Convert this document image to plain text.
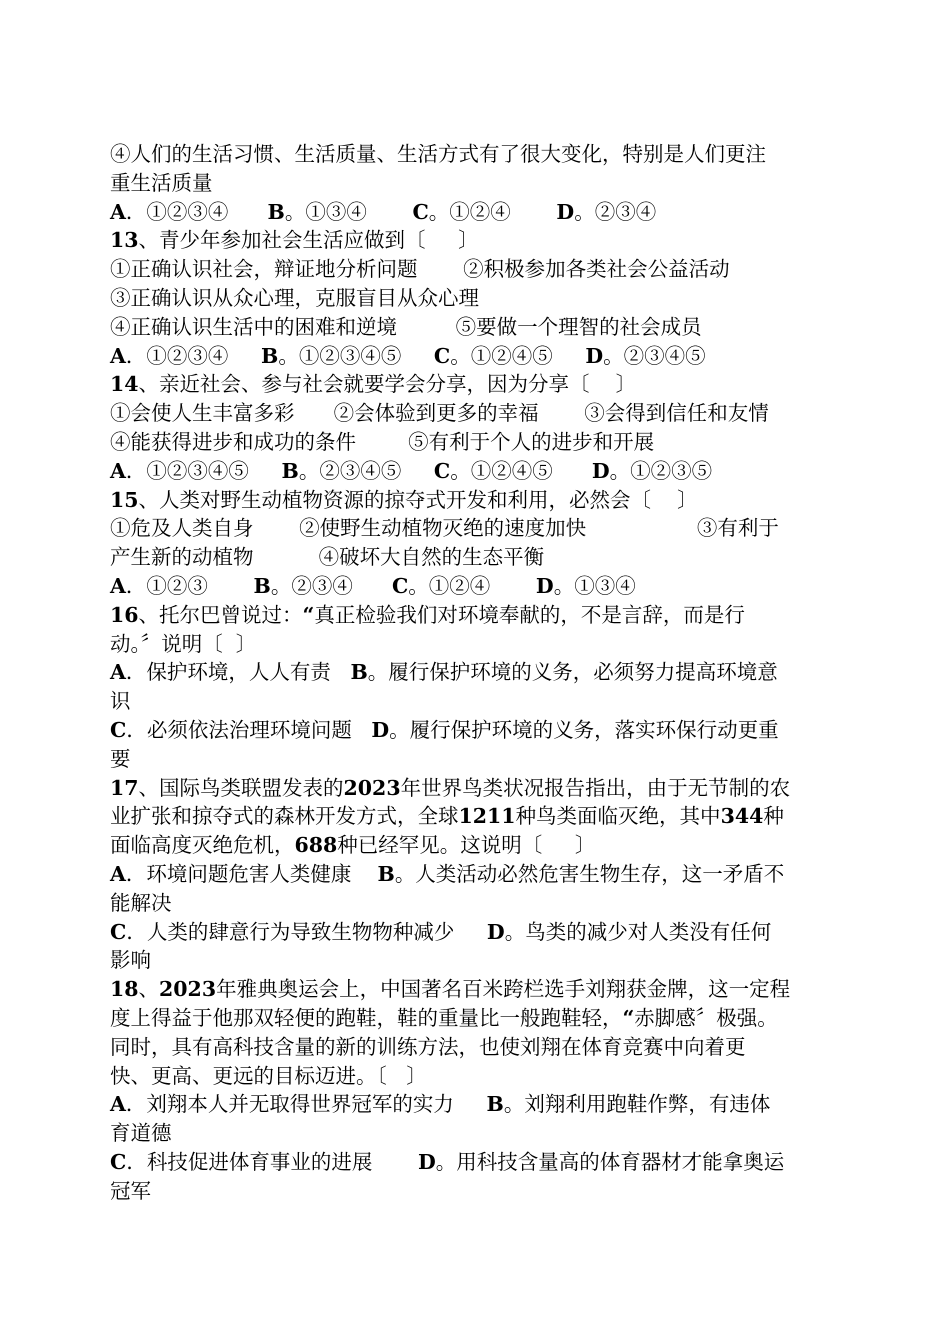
④人们的生活习惯、生活质量、生活方式有了很大变化，特别是人们更注
重生活质量
A．①②③④      B。①③④       C。①②④       D。②③④
13、青少年参加社会生活应做到〔     〕
①正确认识社会，辩证地分析问题       ②积极参加各类社会公益活动
③正确认识从众心理，克服盲目从众心理
④正确认识生活中的困难和逆境         ⑤要做一个理智的社会成员
A．①②③④     B。①②③④⑤     C。①②④⑤     D。②③④⑤
14、亲近社会、参与社会就要学会分享，因为分享〔    〕
①会使人生丰富多彩      ②会体验到更多的幸福       ③会得到信任和友情
④能获得进步和成功的条件        ⑤有利于个人的进步和开展
A．①②③④⑤     B。②③④⑤     C。①②④⑤      D。①②③⑤
15、人类对野生动植物资源的掠夺式开发和利用，必然会〔    〕
①危及人类自身       ②使野生动植物灭绝的速度加快                 ③有利于
产生新的动植物          ④破坏大自然的生态平衡
A．①②③       B。②③④      C。①②④       D。①③④
16、托尔巴曾说过：“真正检验我们对环境奉献的，不是言辞，而是行
动。〞说明〔  〕
A．保护环境，人人有责   B。履行保护环境的义务，必须努力提高环境意
识
C．必须依法治理环境问题   D。履行保护环境的义务，落实环保行动更重
要
17、国际鸟类联盟发表的2023年世界鸟类状况报告指出，由于无节制的农
业扩张和掠夺式的森林开发方式，全球1211种鸟类面临灭绝，其中344种
面临高度灭绝危机，688种已经罕见。这说明〔     〕
A．环境问题危害人类健康    B。人类活动必然危害生物生存，这一矛盾不
能解决
C．人类的肆意行为导致生物物种减少     D。鸟类的减少对人类没有任何
影响
18、2023年雅典奥运会上，中国著名百米跨栏选手刘翔获金牌，这一定程
度上得益于他那双轻便的跑鞋，鞋的重量比一般跑鞋轻，“赤脚感〞极强。
同时，具有高科技含量的新的训练方法，也使刘翔在体育竞赛中向着更
快、更高、更远的目标迈进。〔   〕
A．刘翔本人并无取得世界冠军的实力     B。刘翔利用跑鞋作弊，有违体
育道德
C．科技促进体育事业的进展       D。用科技含量高的体育器材才能拿奥运
冠军
